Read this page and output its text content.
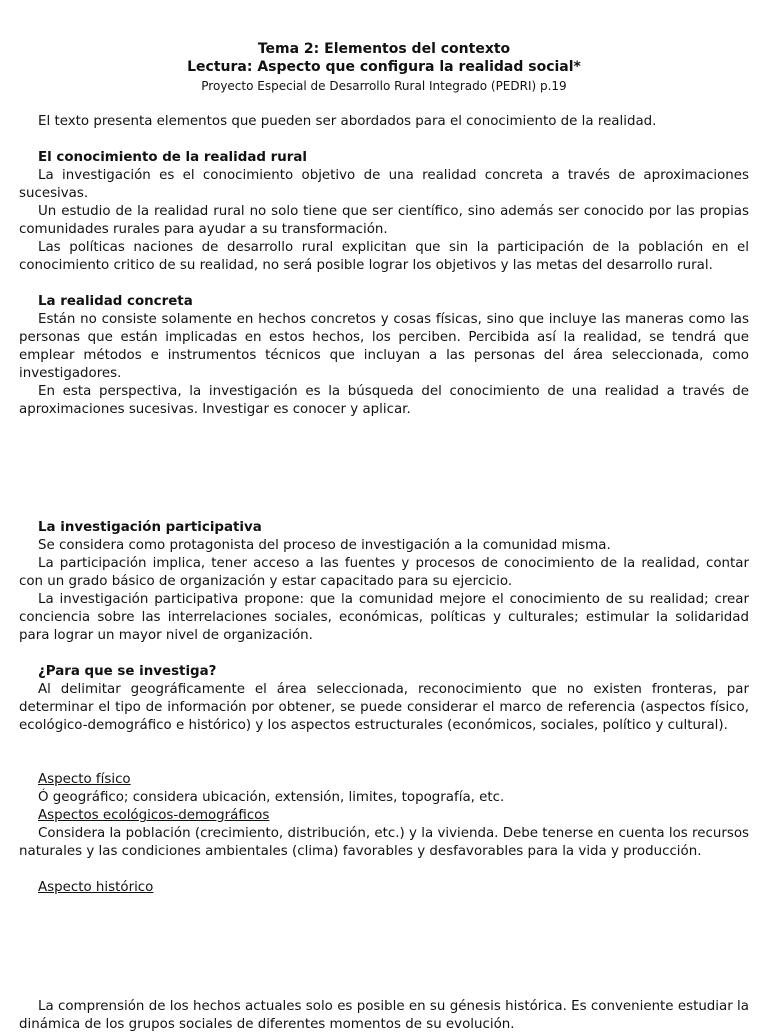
Tema 2: Elementos del contexto
Lectura: Aspecto que configura la realidad social*
Proyecto Especial de Desarrollo Rural Integrado (PEDRI) p.19

El texto presenta elementos que pueden ser abordados para el conocimiento de la realidad.

El conocimiento de la realidad rural

La investigación es el conocimiento objetivo de una realidad concreta a través de aproximaciones sucesivas.

Un estudio de la realidad rural no solo tiene que ser científico, sino además ser conocido por las propias comunidades rurales para ayudar a su transformación.

Las políticas naciones de desarrollo rural explicitan que sin la participación de la población en el conocimiento critico de su realidad, no será posible lograr los objetivos y las metas del desarrollo rural.

La realidad concreta

Están no consiste solamente en hechos concretos y cosas físicas, sino que incluye las maneras como las personas que están implicadas en estos hechos, los perciben. Percibida así la realidad, se tendrá que emplear métodos e instrumentos técnicos que incluyan a las personas del área seleccionada, como investigadores.

En esta perspectiva, la investigación es la búsqueda del conocimiento de una realidad a través de aproximaciones sucesivas. Investigar es conocer y aplicar.

La investigación participativa

Se considera como protagonista del proceso de investigación a la comunidad misma.

La participación implica, tener acceso a las fuentes y procesos de conocimiento de la realidad, contar con un grado básico de organización y estar capacitado para su ejercicio.

La investigación participativa propone: que la comunidad mejore el conocimiento de su realidad; crear conciencia sobre las interrelaciones sociales, económicas, políticas y culturales; estimular la solidaridad para lograr un mayor nivel de organización.

¿Para que se investiga?

Al delimitar geográficamente el área seleccionada, reconocimiento que no existen fronteras, par determinar el tipo de información por obtener, se puede considerar el marco de referencia (aspectos físico, ecológico-demográfico e histórico) y los aspectos estructurales (económicos, sociales, político y cultural).

Aspecto físico

Ó geográfico; considera ubicación, extensión, limites, topografía, etc.

Aspectos ecológicos-demográficos

Considera la población (crecimiento, distribución, etc.) y la vivienda. Debe tenerse en cuenta los recursos naturales y las condiciones ambientales (clima) favorables y desfavorables para la vida y producción.

Aspecto histórico

La comprensión de los hechos actuales solo es posible en su génesis histórica. Es conveniente estudiar la dinámica de los grupos sociales de diferentes momentos de su evolución.
